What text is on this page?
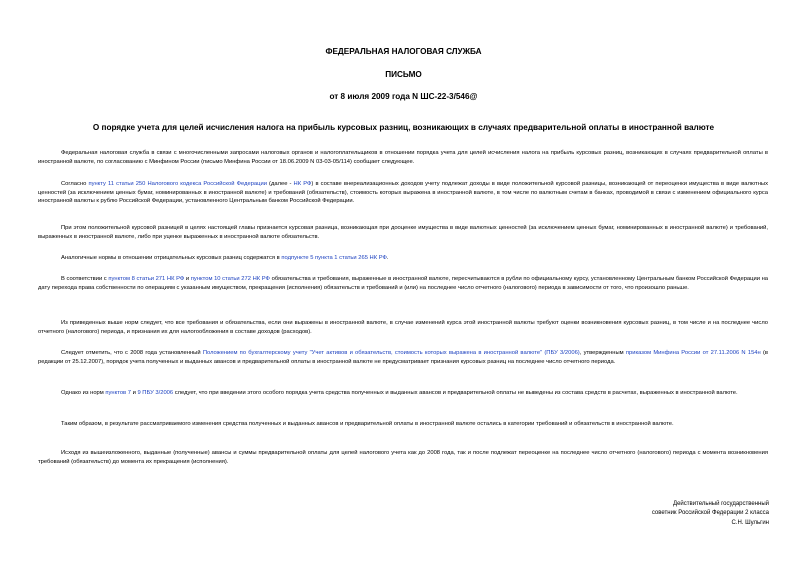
ФЕДЕРАЛЬНАЯ НАЛОГОВАЯ СЛУЖБА
ПИСЬМО
от 8 июля 2009 года N ШС-22-3/546@
О порядке учета для целей исчисления налога на прибыль курсовых разниц, возникающих в случаях предварительной оплаты в иностранной валюте

Федеральная налоговая служба в связи с многочисленными запросами налоговых органов и налогоплательщиков в отношении порядка учета для целей исчисления налога на прибыль курсовых разниц, возникающих в случаях предварительной оплаты в иностранной валюте, по согласованию с Минфином России (письмо Минфина России от 18.06.2009 N 03-03-05/114) сообщает следующее.

Согласно пункту 11 статьи 250 Налогового кодекса Российской Федерации (далее - НК РФ) в составе внереализационных доходов учету подлежат доходы в виде положительной курсовой разницы, возникающей от переоценки имущества в виде валютных ценностей (за исключением ценных бумаг, номинированных в иностранной валюте) и требований (обязательств), стоимость которых выражена в иностранной валюте, в том числе по валютным счетам в банках, проводимой в связи с изменением официального курса иностранной валюты к рублю Российской Федерации, установленного Центральным банком Российской Федерации.

При этом положительной курсовой разницей в целях настоящей главы признается курсовая разница, возникающая при дооценке имущества в виде валютных ценностей (за исключением ценных бумаг, номинированных в иностранной валюте) и требований, выраженных в иностранной валюте, либо при уценке выраженных в иностранной валюте обязательств.

Аналогичные нормы в отношении отрицательных курсовых разниц содержатся в подпункте 5 пункта 1 статьи 265 НК РФ.

В соответствии с пунктом 8 статьи 271 НК РФ и пунктом 10 статьи 272 НК РФ обязательства и требования, выраженные в иностранной валюте, пересчитываются в рубли по официальному курсу, установленному Центральным банком Российской Федерации на дату перехода права собственности по операциям с указанным имуществом, прекращения (исполнения) обязательств и требований и (или) на последнее число отчетного (налогового) периода в зависимости от того, что произошло раньше.

Из приведенных выше норм следует, что все требования и обязательства, если они выражены в иностранной валюте, в случае изменений курса этой иностранной валюты требуют оценки возникновения курсовых разниц, в том числе и на последнее число отчетного (налогового) периода, и признания их для налогообложения в составе доходов (расходов).

Следует отметить, что с 2008 года установленный Положением по бухгалтерскому учету "Учет активов и обязательств, стоимость которых выражена в иностранной валюте" (ПБУ 3/2006), утвержденным приказом Минфина России от 27.11.2006 N 154н (в редакции от 25.12.2007), порядок учета полученных и выданных авансов и предварительной оплаты в иностранной валюте не предусматривает признания курсовых разниц на последнее число отчетного периода.

Однако из норм пунктов 7 и 9 ПБУ 3/2006 следует, что при введении этого особого порядка учета средства полученных и выданных авансов и предварительной оплаты не выведены из состава средств в расчетах, выраженных в иностранной валюте.

Таким образом, в результате рассматриваемого изменения средства полученных и выданных авансов и предварительной оплаты в иностранной валюте остались в категории требований и обязательств в иностранной валюте.

Исходя из вышеизложенного, выданные (полученные) авансы и суммы предварительной оплаты для целей налогового учета как до 2008 года, так и после подлежат переоценке на последнее число отчетного (налогового) периода с момента возникновения требований (обязательств) до момента их прекращения (исполнения).

Действительный государственный
советник Российской Федерации 2 класса
С.Н. Шульгин
